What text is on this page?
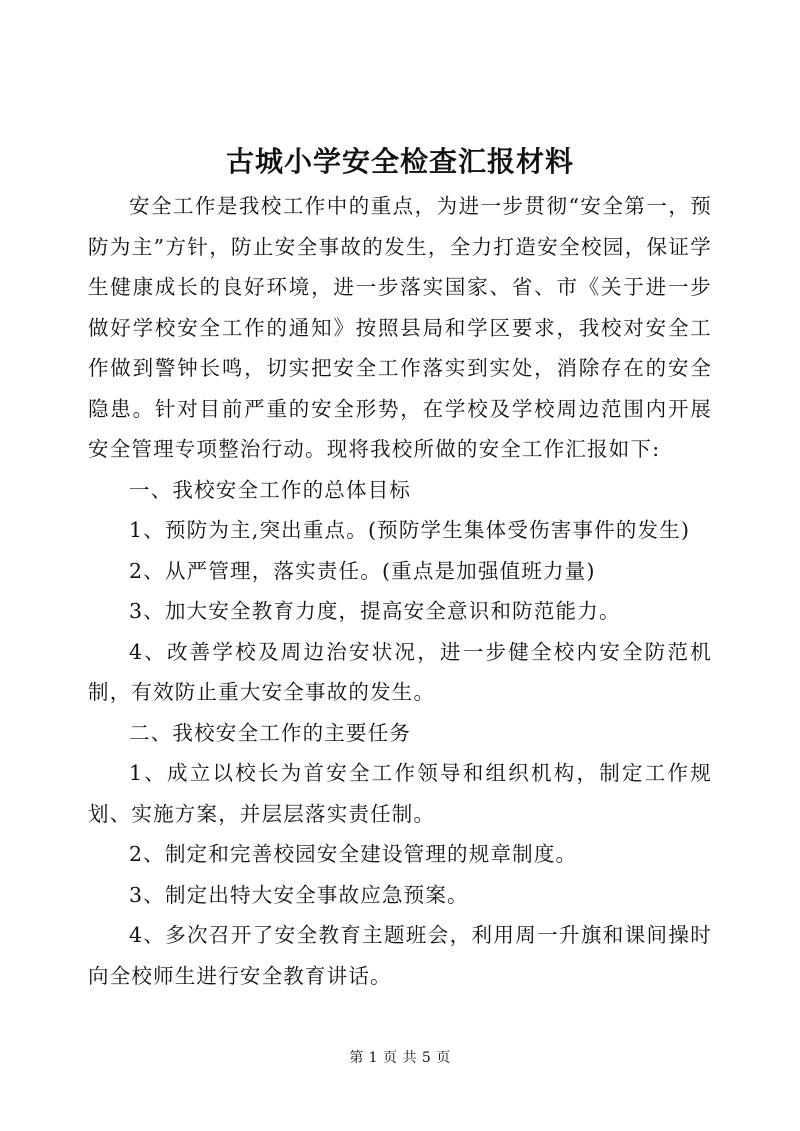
古城小学安全检查汇报材料

安全工作是我校工作中的重点，为进一步贯彻“安全第一，预防为主”方针，防止安全事故的发生，全力打造安全校园，保证学生健康成长的良好环境，进一步落实国家、省、市《关于进一步做好学校安全工作的通知》按照县局和学区要求，我校对安全工作做到警钟长鸣，切实把安全工作落实到实处，消除存在的安全隐患。针对目前严重的安全形势，在学校及学校周边范围内开展安全管理专项整治行动。现将我校所做的安全工作汇报如下:

一、我校安全工作的总体目标

1、预防为主,突出重点。(预防学生集体受伤害事件的发生)

2、从严管理，落实责任。(重点是加强值班力量)

3、加大安全教育力度，提高安全意识和防范能力。

4、改善学校及周边治安状况，进一步健全校内安全防范机制，有效防止重大安全事故的发生。

二、我校安全工作的主要任务

1、成立以校长为首安全工作领导和组织机构，制定工作规划、实施方案，并层层落实责任制。

2、制定和完善校园安全建设管理的规章制度。

3、制定出特大安全事故应急预案。

4、多次召开了安全教育主题班会，利用周一升旗和课间操时向全校师生进行安全教育讲话。

第 1 页 共 5 页
